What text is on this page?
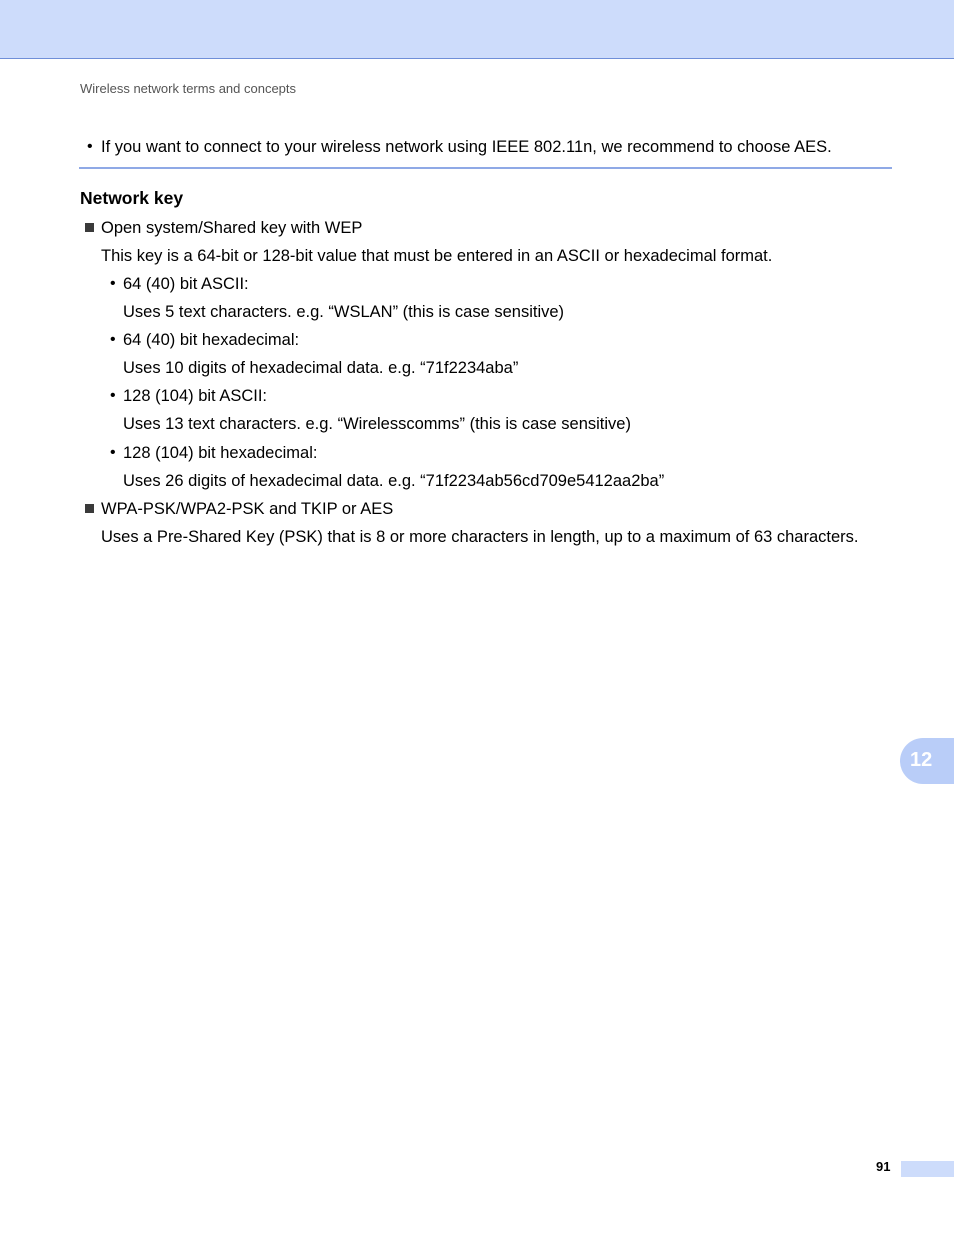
Wireless network terms and concepts
• If you want to connect to your wireless network using IEEE 802.11n, we recommend to choose AES.
Network key
Open system/Shared key with WEP
This key is a 64-bit or 128-bit value that must be entered in an ASCII or hexadecimal format.
• 64 (40) bit ASCII:
Uses 5 text characters. e.g. “WSLAN” (this is case sensitive)
• 64 (40) bit hexadecimal:
Uses 10 digits of hexadecimal data. e.g. “71f2234aba”
• 128 (104) bit ASCII:
Uses 13 text characters. e.g. “Wirelesscomms” (this is case sensitive)
• 128 (104) bit hexadecimal:
Uses 26 digits of hexadecimal data. e.g. “71f2234ab56cd709e5412aa2ba”
WPA-PSK/WPA2-PSK and TKIP or AES
Uses a Pre-Shared Key (PSK) that is 8 or more characters in length, up to a maximum of 63 characters.
12
91
